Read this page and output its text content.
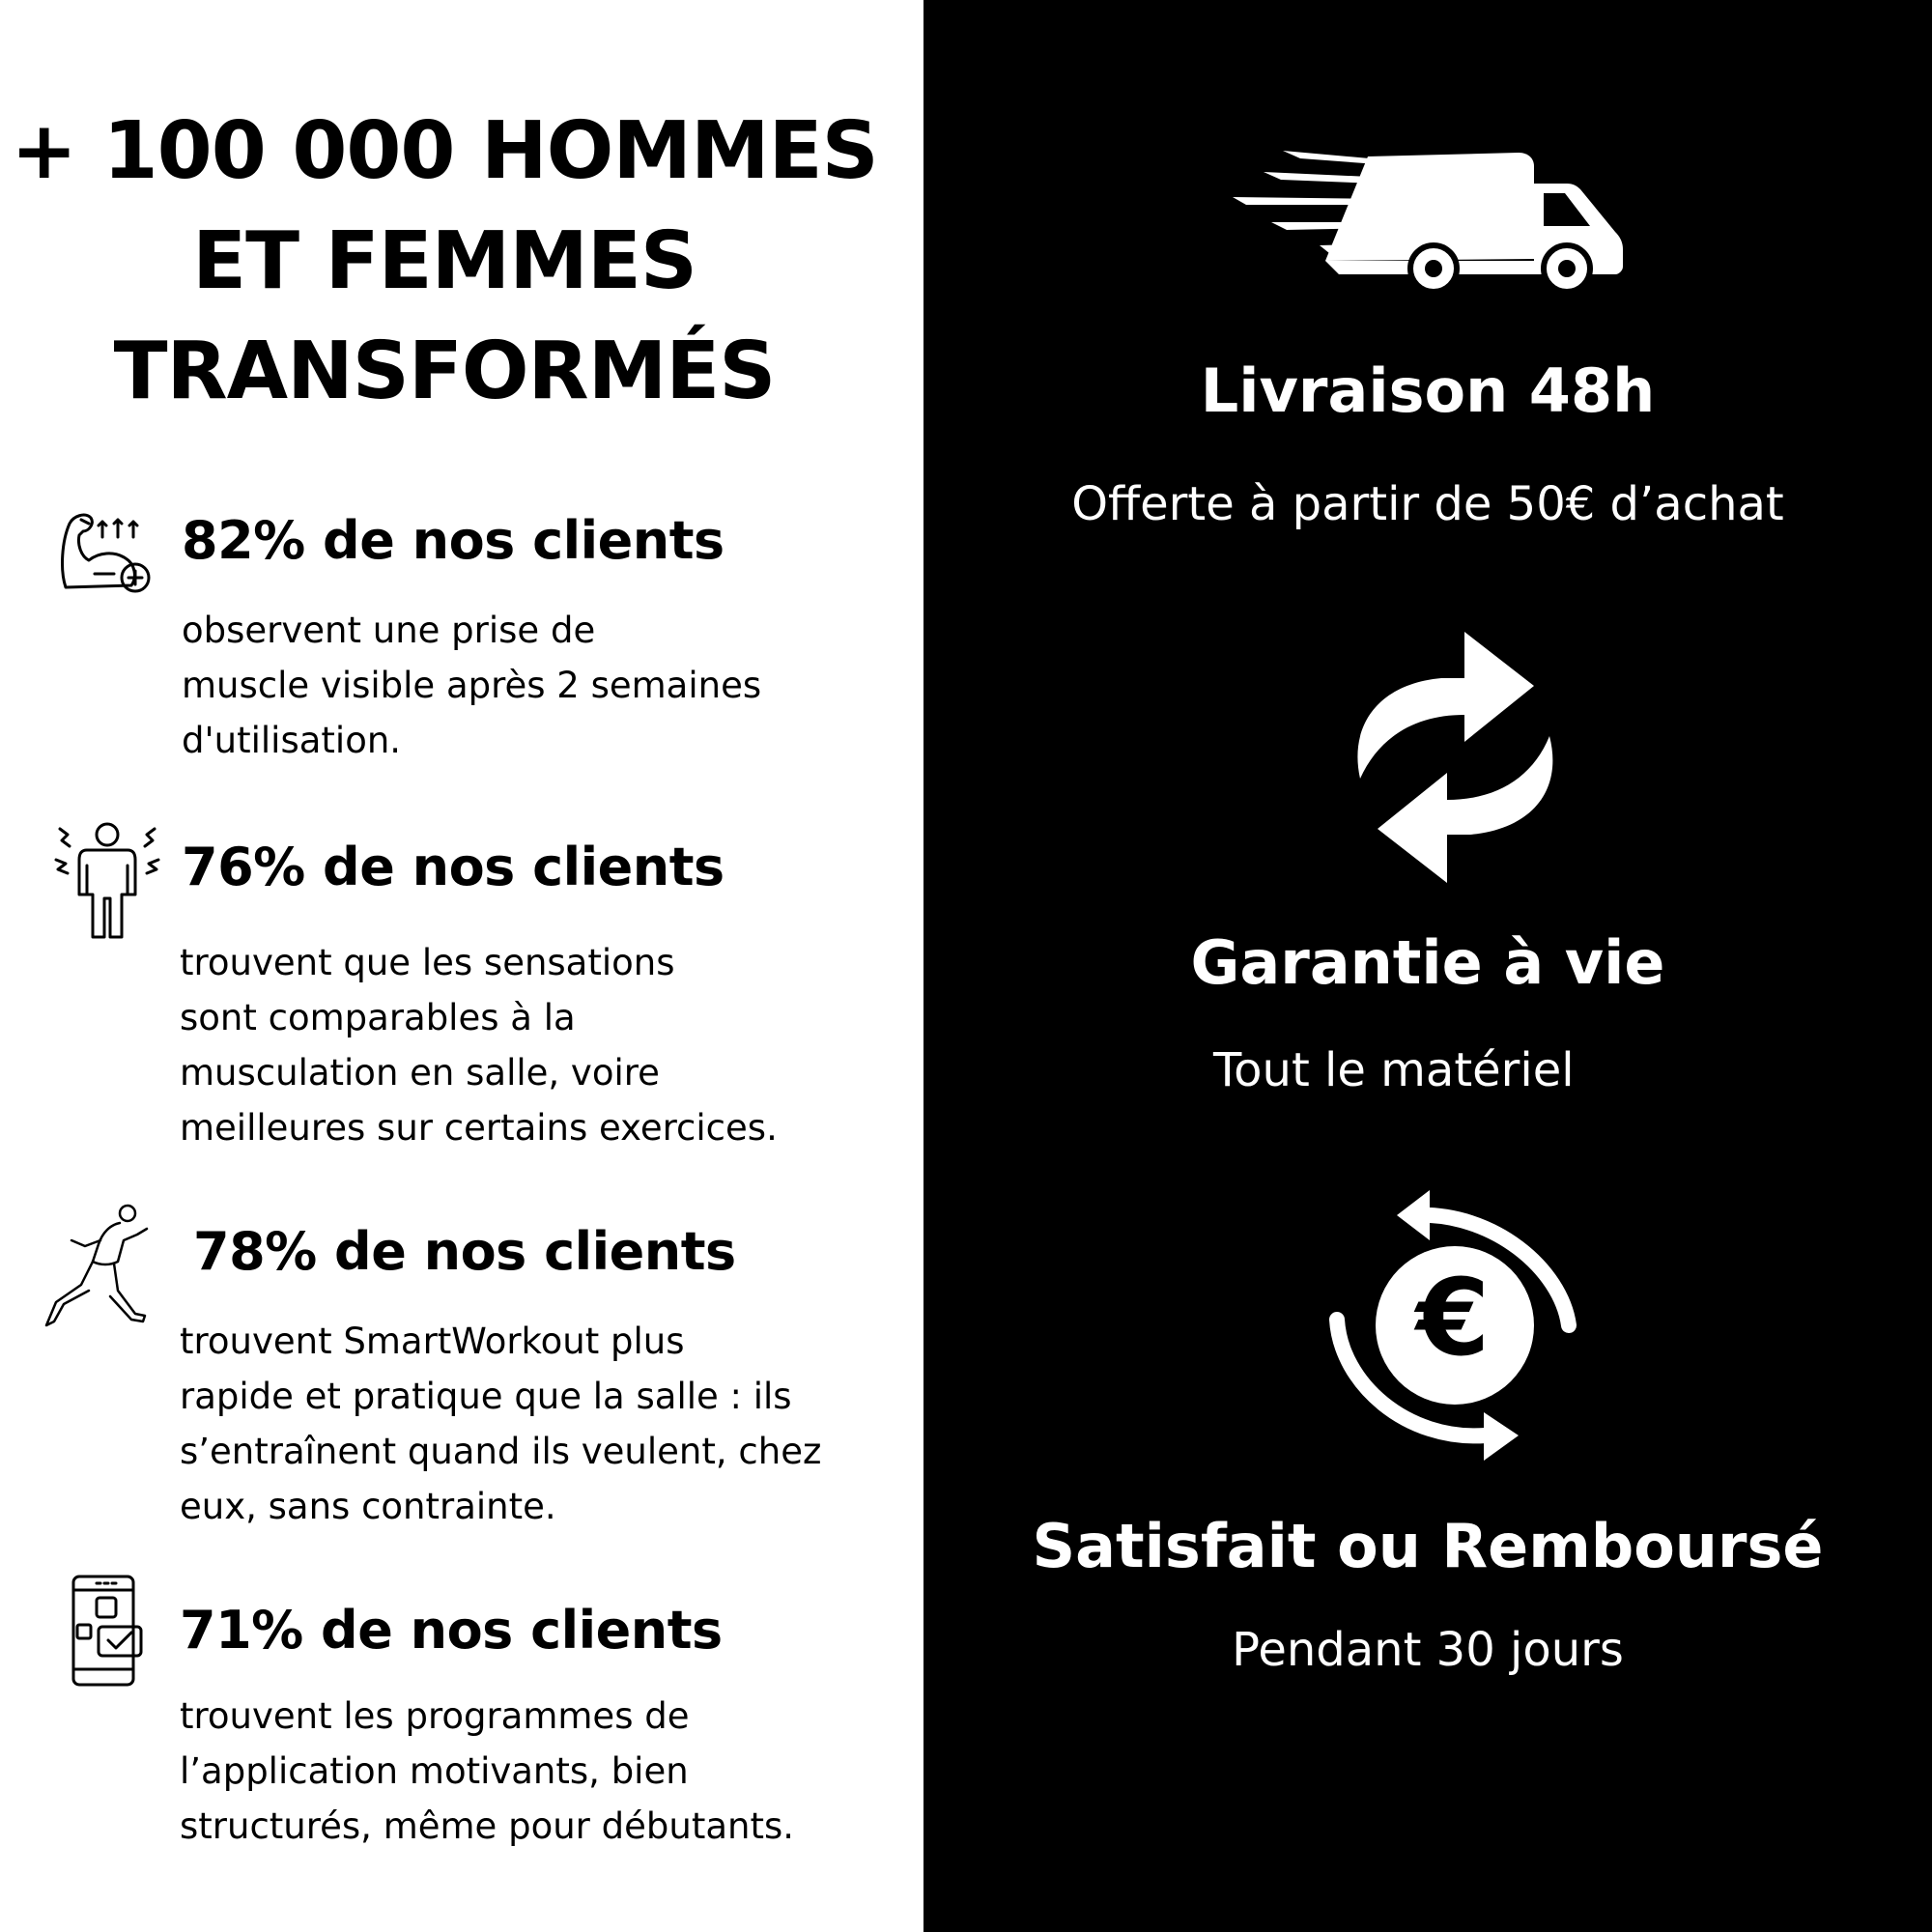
+ 100 000 HOMMES
ET FEMMES
TRANSFORMÉS
82% de nos clients
observent une prise de
muscle visible après 2 semaines
d'utilisation.
76% de nos clients
trouvent que les sensations
sont comparables à la
musculation en salle, voire
meilleures sur certains exercices.
78% de nos clients
trouvent SmartWorkout plus
rapide et pratique que la salle : ils
s’entraînent quand ils veulent, chez
eux, sans contrainte.
71% de nos clients
trouvent les programmes de
l’application motivants, bien
structurés, même pour débutants.
Livraison 48h
Offerte à partir de 50€ d’achat
Garantie à vie
Tout le matériel
€
Satisfait ou Remboursé
Pendant 30 jours
